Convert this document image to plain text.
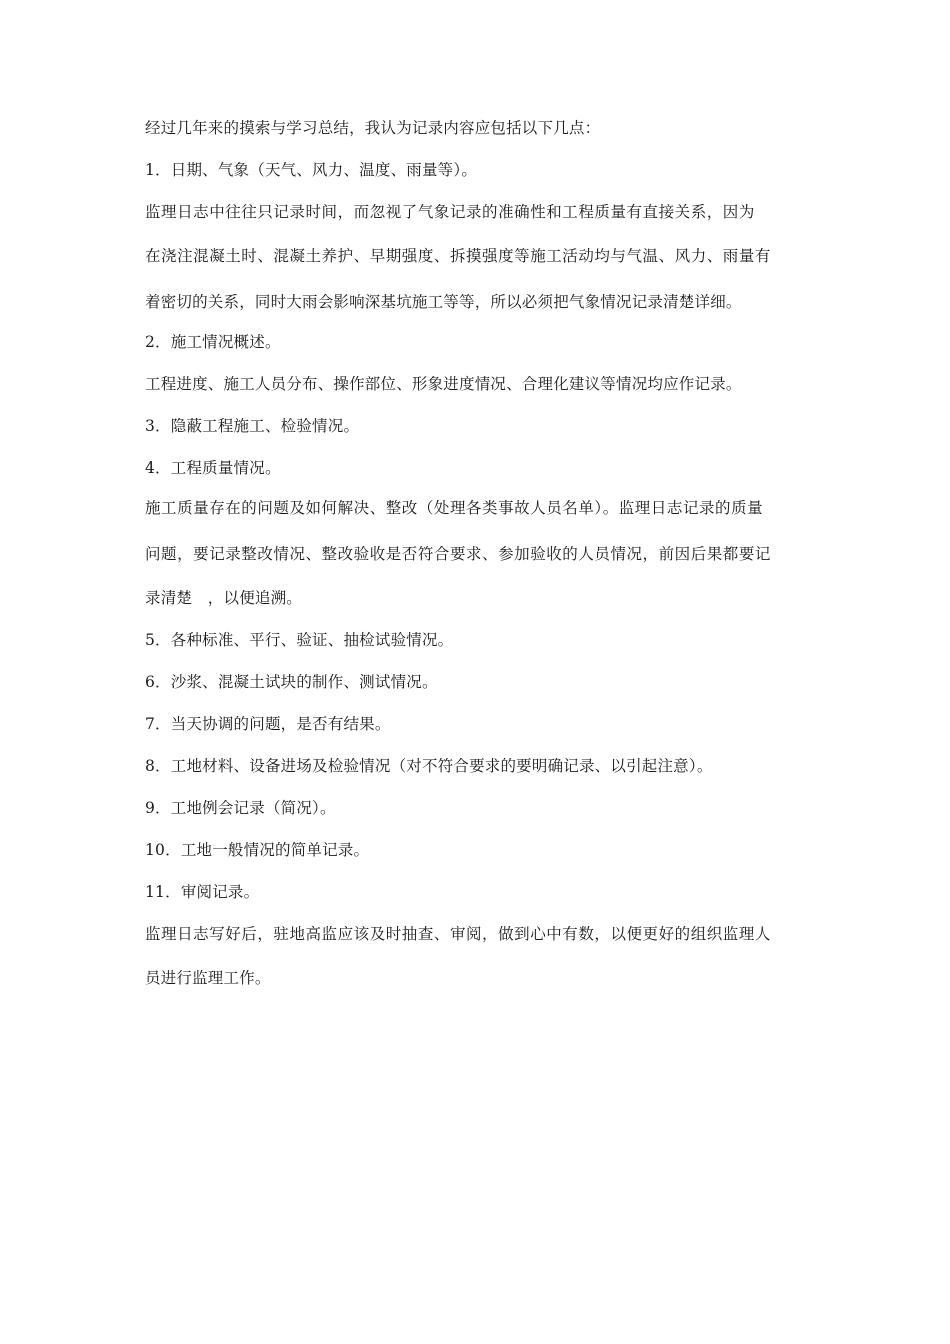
经过几年来的摸索与学习总结，我认为记录内容应包括以下几点：
1．日期、气象（天气、风力、温度、雨量等）。
监理日志中往往只记录时间，而忽视了气象记录的准确性和工程质量有直接关系，因为
在浇注混凝土时、混凝土养护、早期强度、拆摸强度等施工活动均与气温、风力、雨量有
着密切的关系，同时大雨会影响深基坑施工等等，所以必须把气象情况记录清楚详细。
2．施工情况概述。
工程进度、施工人员分布、操作部位、形象进度情况、合理化建议等情况均应作记录。
3．隐蔽工程施工、检验情况。
4．工程质量情况。
施工质量存在的问题及如何解决、整改（处理各类事故人员名单）。监理日志记录的质量
问题，要记录整改情况、整改验收是否符合要求、参加验收的人员情况，前因后果都要记
录清楚　，以便追溯。
5．各种标准、平行、验证、抽检试验情况。
6．沙浆、混凝土试块的制作、测试情况。
7．当天协调的问题，是否有结果。
8．工地材料、设备进场及检验情况（对不符合要求的要明确记录、以引起注意）。
9．工地例会记录（简况）。
10．工地一般情况的简单记录。
11．审阅记录。
监理日志写好后，驻地高监应该及时抽查、审阅，做到心中有数，以便更好的组织监理人
员进行监理工作。
